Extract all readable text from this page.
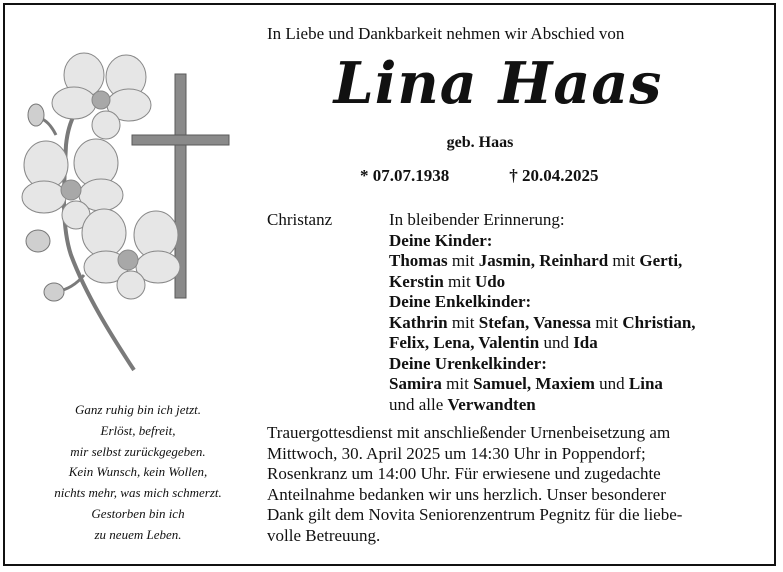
In Liebe und Dankbarkeit nehmen wir Abschied von
Lina Haas
geb. Haas
* 07.07.1938	† 20.04.2025
Christanz	In bleibender Erinnerung:
Deine Kinder:
Thomas mit Jasmin, Reinhard mit Gerti,
Kerstin mit Udo
Deine Enkelkinder:
Kathrin mit Stefan, Vanessa mit Christian,
Felix, Lena, Valentin und Ida
Deine Urenkelkinder:
Samira mit Samuel, Maxiem und Lina
und alle Verwandten
Trauergottesdienst mit anschließender Urnenbeisetzung am
Mittwoch, 30. April 2025 um 14:30 Uhr in Poppendorf;
Rosenkranz um 14:00 Uhr. Für erwiesene und zugedachte
Anteilnahme bedanken wir uns herzlich. Unser besonderer
Dank gilt dem Novita Seniorenzentrum Pegnitz für die liebe-
volle Betreuung.
Ganz ruhig bin ich jetzt.
Erlöst, befreit,
mir selbst zurückgegeben.
Kein Wunsch, kein Wollen,
nichts mehr, was mich schmerzt.
Gestorben bin ich
zu neuem Leben.
